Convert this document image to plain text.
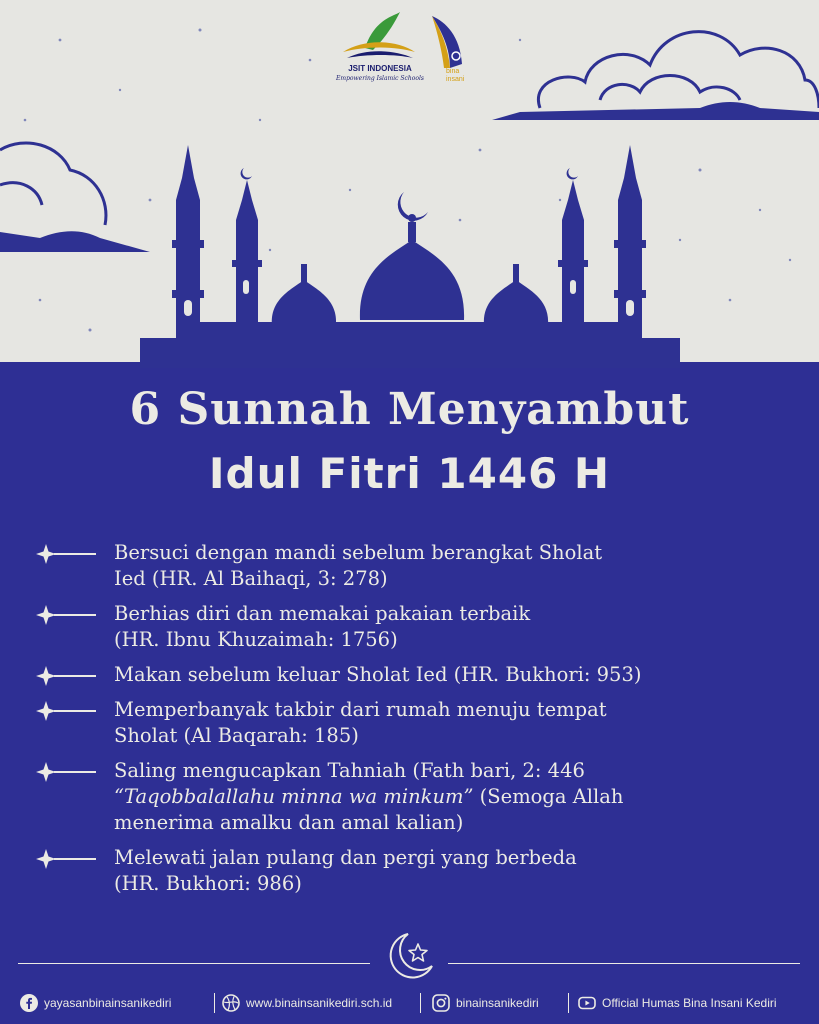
JSIT INDONESIA
Empowering Islamic Schools
bina
insani
6 Sunnah Menyambut
Idul Fitri 1446 H
Bersuci dengan mandi sebelum berangkat Sholat
Ied (HR. Al Baihaqi, 3: 278)
Berhias diri dan memakai pakaian terbaik
(HR. Ibnu Khuzaimah: 1756)
Makan sebelum keluar Sholat Ied (HR. Bukhori: 953)
Memperbanyak takbir dari rumah menuju tempat
Sholat (Al Baqarah: 185)
Saling mengucapkan Tahniah (Fath bari, 2: 446
“Taqobbalallahu minna wa minkum” (Semoga Allah
menerima amalku dan amal kalian)
Melewati jalan pulang dan pergi yang berbeda
(HR. Bukhori: 986)
yayasanbinainsanikediri	www.binainsanikediri.sch.id	binainsanikediri	Official Humas Bina Insani Kediri
